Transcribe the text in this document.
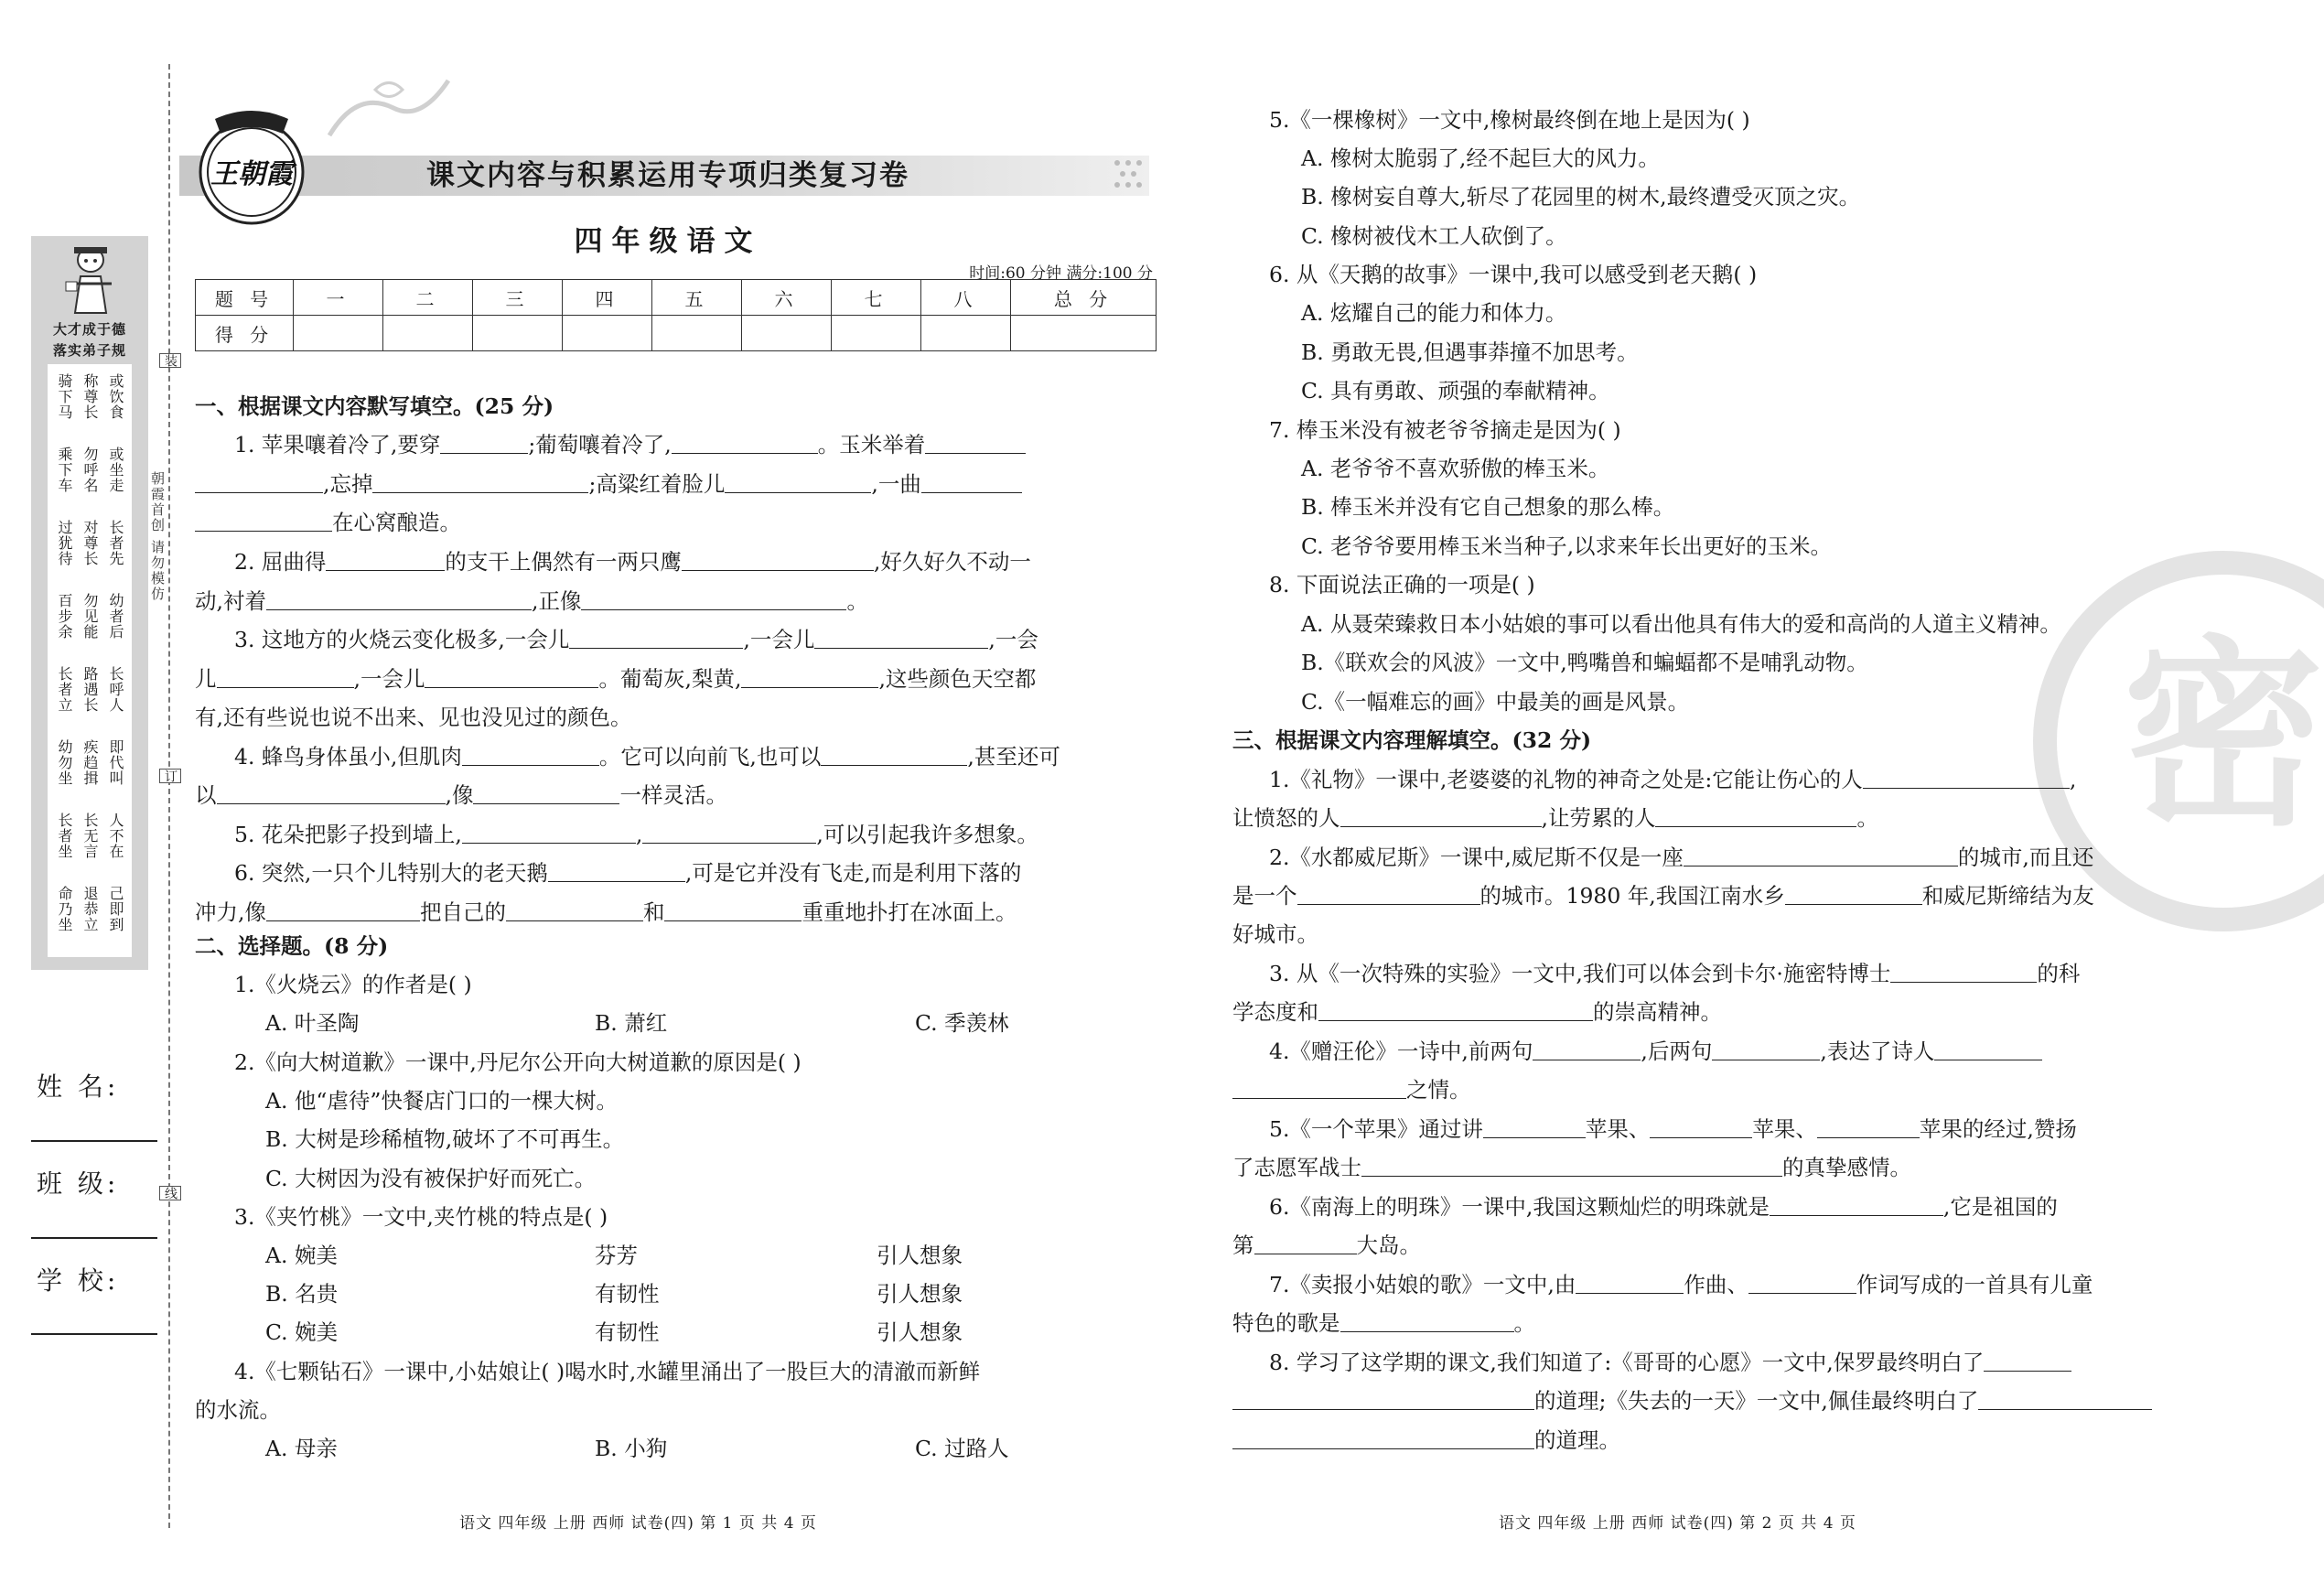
大才成于德
落实弟子规
骑下马 称尊长 或饮食
乘下车 勿呼名 或坐走
过犹待 对尊长 长者先
百步余 勿见能 幼者后
长者立 路遇长 长呼人
幼勿坐 疾趋揖 即代叫
长者坐 长无言 人不在
命乃坐 退恭立 己即到
姓 名:
班 级:
学 校:
装
订
线
朝霞首创 请勿模仿
课文内容与积累运用专项归类复习卷
王朝霞
四年级语文
时间:60 分钟 满分:100 分
题 号	一	二	三	四	五	六	七	八	总 分
得 分									
一、根据课文内容默写填空。(25 分)
1. 苹果嚷着冷了,要穿	;葡萄嚷着冷了,	。玉米举着
,忘掉	;高粱红着脸儿	,一曲
在心窝酿造。
2. 屈曲得	的支干上偶然有一两只鹰	,好久好久不动一
动,衬着	,正像	。
3. 这地方的火烧云变化极多,一会儿	,一会儿	,一会
儿	,一会儿	。葡萄灰,梨黄,	,这些颜色天空都
有,还有些说也说不出来、见也没见过的颜色。
4. 蜂鸟身体虽小,但肌肉	。它可以向前飞,也可以	,甚至还可
以	,像	一样灵活。
5. 花朵把影子投到墙上,	,	,可以引起我许多想象。
6. 突然,一只个儿特别大的老天鹅	,可是它并没有飞走,而是利用下落的
冲力,像	把自己的	和	重重地扑打在冰面上。
二、选择题。(8 分)
1.《火烧云》的作者是( )
A. 叶圣陶	B. 萧红	C. 季羡林
2.《向大树道歉》一课中,丹尼尔公开向大树道歉的原因是( )
A. 他“虐待”快餐店门口的一棵大树。
B. 大树是珍稀植物,破坏了不可再生。
C. 大树因为没有被保护好而死亡。
3.《夹竹桃》一文中,夹竹桃的特点是( )
A. 婉美	芬芳	引人想象
B. 名贵	有韧性	引人想象
C. 婉美	有韧性	引人想象
4.《七颗钻石》一课中,小姑娘让( )喝水时,水罐里涌出了一股巨大的清澈而新鲜
的水流。
A. 母亲	B. 小狗	C. 过路人
语文 四年级 上册 西师 试卷(四) 第 1 页 共 4 页
密
5.《一棵橡树》一文中,橡树最终倒在地上是因为( )
A. 橡树太脆弱了,经不起巨大的风力。
B. 橡树妄自尊大,斩尽了花园里的树木,最终遭受灭顶之灾。
C. 橡树被伐木工人砍倒了。
6. 从《天鹅的故事》一课中,我可以感受到老天鹅( )
A. 炫耀自己的能力和体力。
B. 勇敢无畏,但遇事莽撞不加思考。
C. 具有勇敢、顽强的奉献精神。
7. 棒玉米没有被老爷爷摘走是因为( )
A. 老爷爷不喜欢骄傲的棒玉米。
B. 棒玉米并没有它自己想象的那么棒。
C. 老爷爷要用棒玉米当种子,以求来年长出更好的玉米。
8. 下面说法正确的一项是( )
A. 从聂荣臻救日本小姑娘的事可以看出他具有伟大的爱和高尚的人道主义精神。
B.《联欢会的风波》一文中,鸭嘴兽和蝙蝠都不是哺乳动物。
C.《一幅难忘的画》中最美的画是风景。
三、根据课文内容理解填空。(32 分)
1.《礼物》一课中,老婆婆的礼物的神奇之处是:它能让伤心的人	,
让愤怒的人	,让劳累的人	。
2.《水都威尼斯》一课中,威尼斯不仅是一座	的城市,而且还
是一个	的城市。1980 年,我国江南水乡	和威尼斯缔结为友
好城市。
3. 从《一次特殊的实验》一文中,我们可以体会到卡尔·施密特博士	的科
学态度和	的崇高精神。
4.《赠汪伦》一诗中,前两句	,后两句	,表达了诗人
之情。
5.《一个苹果》通过讲	苹果、	苹果、	苹果的经过,赞扬
了志愿军战士	的真挚感情。
6.《南海上的明珠》一课中,我国这颗灿烂的明珠就是	,它是祖国的
第	大岛。
7.《卖报小姑娘的歌》一文中,由	作曲、	作词写成的一首具有儿童
特色的歌是	。
8. 学习了这学期的课文,我们知道了:《哥哥的心愿》一文中,保罗最终明白了
的道理;《失去的一天》一文中,佩佳最终明白了
的道理。
语文 四年级 上册 西师 试卷(四) 第 2 页 共 4 页
